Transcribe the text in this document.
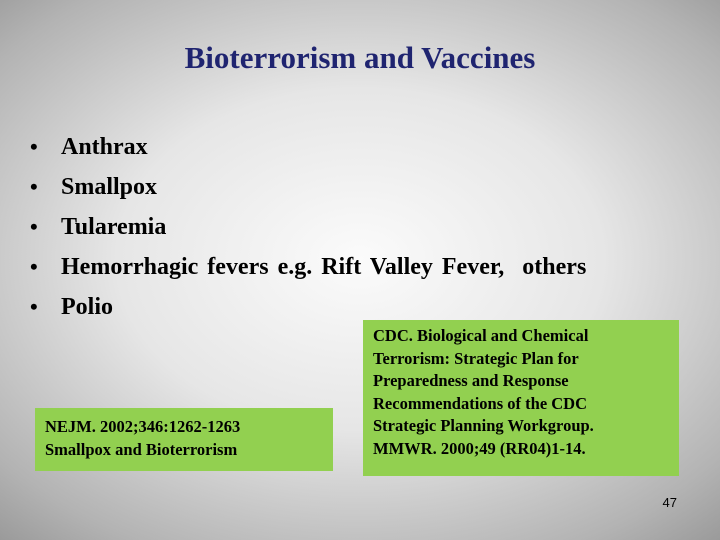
Bioterrorism and Vaccines
• Anthrax
• Smallpox
• Tularemia
• Hemorrhagic fevers e.g. Rift Valley Fever,  others
• Polio

CDC. Biological and Chemical

Terrorism: Strategic Plan for

Preparedness and Response

Recommendations of the CDC

Strategic Planning Workgroup.

MMWR. 2000;49 (RR04)1-14.

NEJM. 2002;346:1262-1263

Smallpox and Bioterrorism

47
